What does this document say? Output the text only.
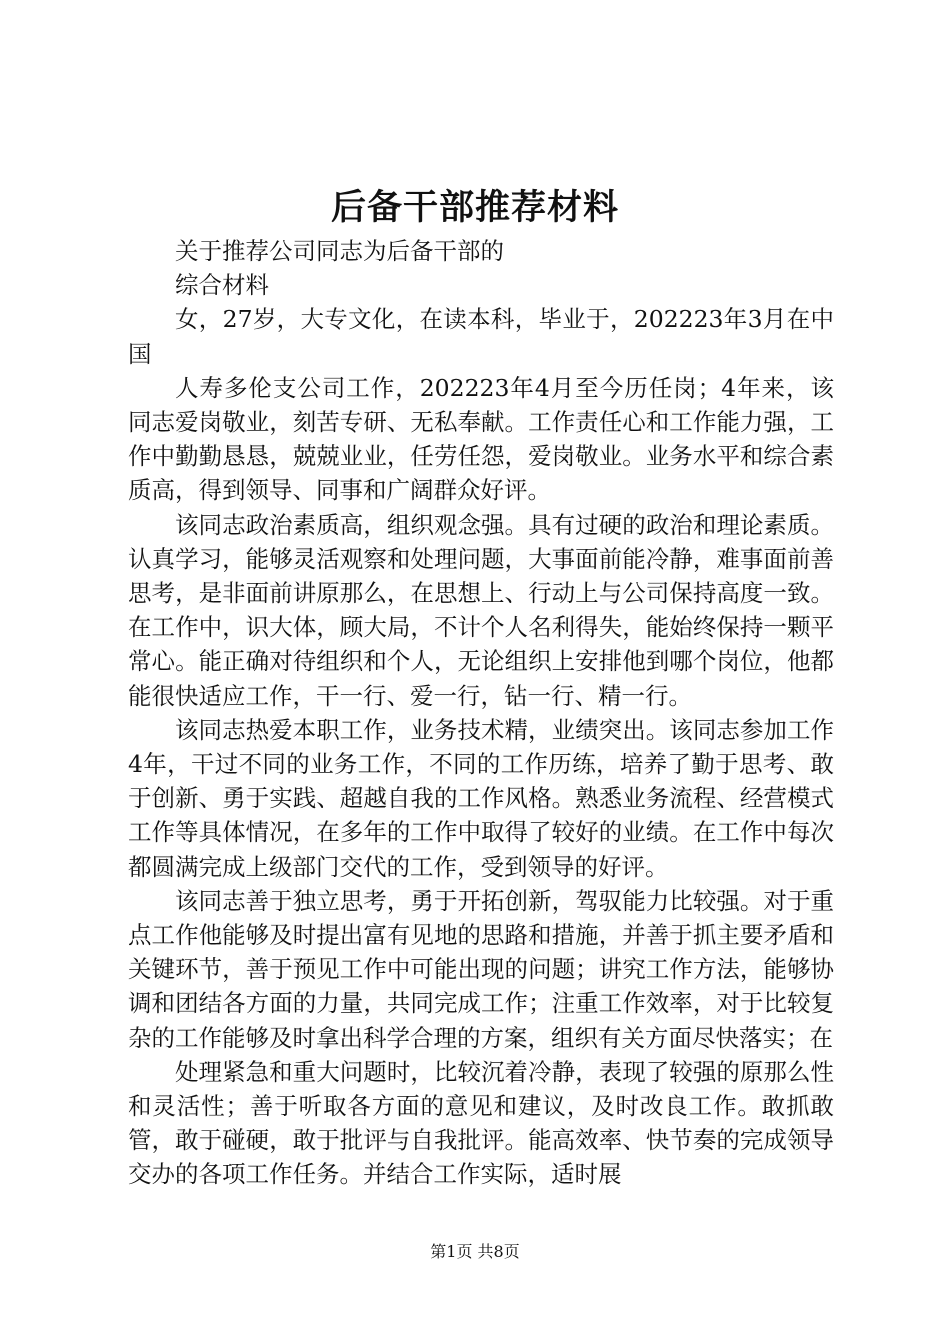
后备干部推荐材料

关于推荐公司同志为后备干部的

综合材料

女，27岁，大专文化，在读本科，毕业于，202223年3月在中国

人寿多伦支公司工作，202223年4月至今历任岗；4年来，该同志爱岗敬业，刻苦专研、无私奉献。工作责任心和工作能力强，工作中勤勤恳恳，兢兢业业，任劳任怨，爱岗敬业。业务水平和综合素质高，得到领导、同事和广阔群众好评。

该同志政治素质高，组织观念强。具有过硬的政治和理论素质。认真学习，能够灵活观察和处理问题，大事面前能冷静，难事面前善思考，是非面前讲原那么，在思想上、行动上与公司保持高度一致。在工作中，识大体，顾大局，不计个人名利得失，能始终保持一颗平常心。能正确对待组织和个人，无论组织上安排他到哪个岗位，他都能很快适应工作，干一行、爱一行，钻一行、精一行。

该同志热爱本职工作，业务技术精，业绩突出。该同志参加工作4年，干过不同的业务工作，不同的工作历练，培养了勤于思考、敢于创新、勇于实践、超越自我的工作风格。熟悉业务流程、经营模式工作等具体情况，在多年的工作中取得了较好的业绩。在工作中每次都圆满完成上级部门交代的工作，受到领导的好评。

该同志善于独立思考，勇于开拓创新，驾驭能力比较强。对于重点工作他能够及时提出富有见地的思路和措施，并善于抓主要矛盾和关键环节，善于预见工作中可能出现的问题；讲究工作方法，能够协调和团结各方面的力量，共同完成工作；注重工作效率，对于比较复杂的工作能够及时拿出科学合理的方案，组织有关方面尽快落实；在

处理紧急和重大问题时，比较沉着冷静，表现了较强的原那么性和灵活性；善于听取各方面的意见和建议，及时改良工作。敢抓敢管，敢于碰硬，敢于批评与自我批评。能高效率、快节奏的完成领导交办的各项工作任务。并结合工作实际，适时展

第1页 共8页
